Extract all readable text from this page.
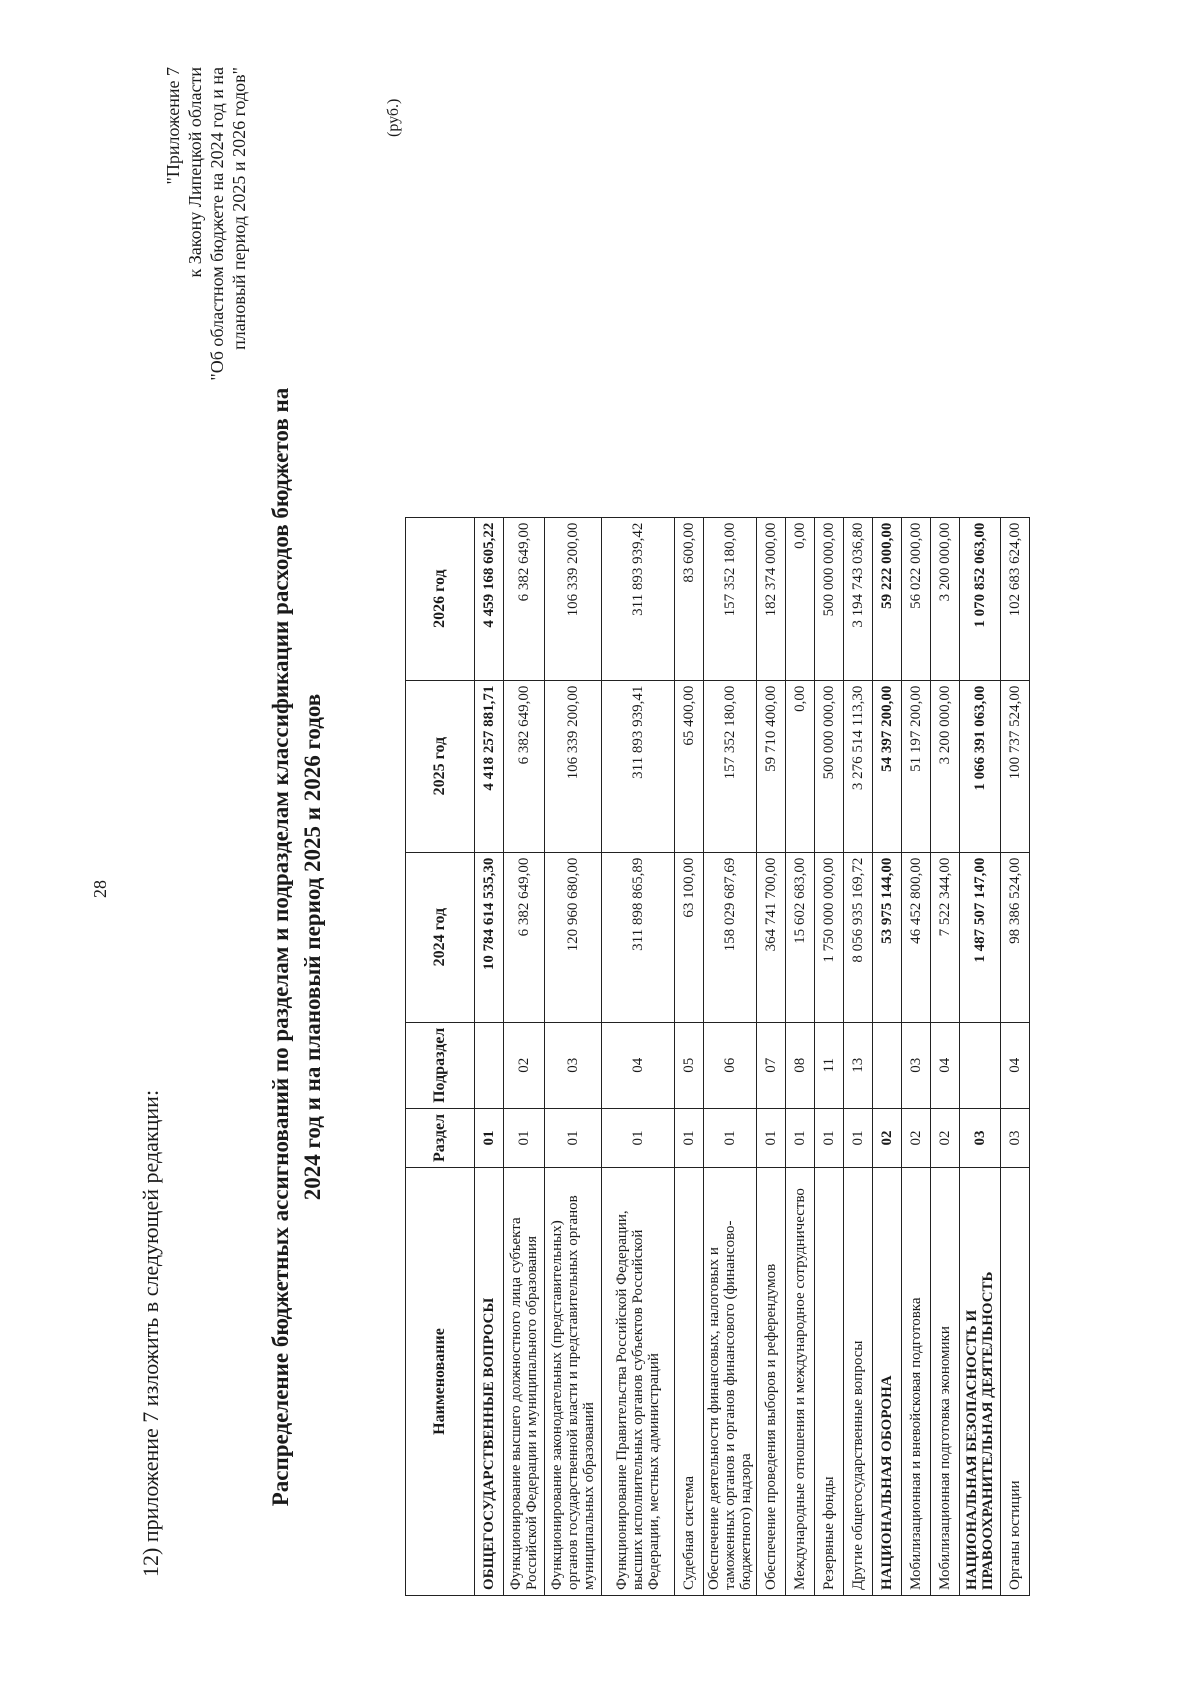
28
12) приложение 7 изложить в следующей редакции:
"Приложение 7 к Закону Липецкой области "Об областном бюджете на 2024 год и на плановый период 2025 и 2026 годов"
Распределение бюджетных ассигнований по разделам и подразделам классификации расходов бюджетов на 2024 год и на плановый период 2025 и 2026 годов
(руб.)
Наименование	Раздел	Подраздел	2024 год	2025 год	2026 год
ОБЩЕГОСУДАРСТВЕННЫЕ ВОПРОСЫ	01		10 784 614 535,30	4 418 257 881,71	4 459 168 605,22
Функционирование высшего должностного лица субъекта Российской Федерации и муниципального образования	01	02	6 382 649,00	6 382 649,00	6 382 649,00
Функционирование законодательных (представительных) органов государственной власти и представительных органов муниципальных образований	01	03	120 960 680,00	106 339 200,00	106 339 200,00
Функционирование Правительства Российской Федерации, высших исполнительных органов субъектов Российской Федерации, местных администраций	01	04	311 898 865,89	311 893 939,41	311 893 939,42
Судебная система	01	05	63 100,00	65 400,00	83 600,00
Обеспечение деятельности финансовых, налоговых и таможенных органов и органов финансового (финансово-бюджетного) надзора	01	06	158 029 687,69	157 352 180,00	157 352 180,00
Обеспечение проведения выборов и референдумов	01	07	364 741 700,00	59 710 400,00	182 374 000,00
Международные отношения и международное сотрудничество	01	08	15 602 683,00	0,00	0,00
Резервные фонды	01	11	1 750 000 000,00	500 000 000,00	500 000 000,00
Другие общегосударственные вопросы	01	13	8 056 935 169,72	3 276 514 113,30	3 194 743 036,80
НАЦИОНАЛЬНАЯ ОБОРОНА	02		53 975 144,00	54 397 200,00	59 222 000,00
Мобилизационная и вневойсковая подготовка	02	03	46 452 800,00	51 197 200,00	56 022 000,00
Мобилизационная подготовка экономики	02	04	7 522 344,00	3 200 000,00	3 200 000,00
НАЦИОНАЛЬНАЯ БЕЗОПАСНОСТЬ И ПРАВООХРАНИТЕЛЬНАЯ ДЕЯТЕЛЬНОСТЬ	03		1 487 507 147,00	1 066 391 063,00	1 070 852 063,00
Органы юстиции	03	04	98 386 524,00	100 737 524,00	102 683 624,00
